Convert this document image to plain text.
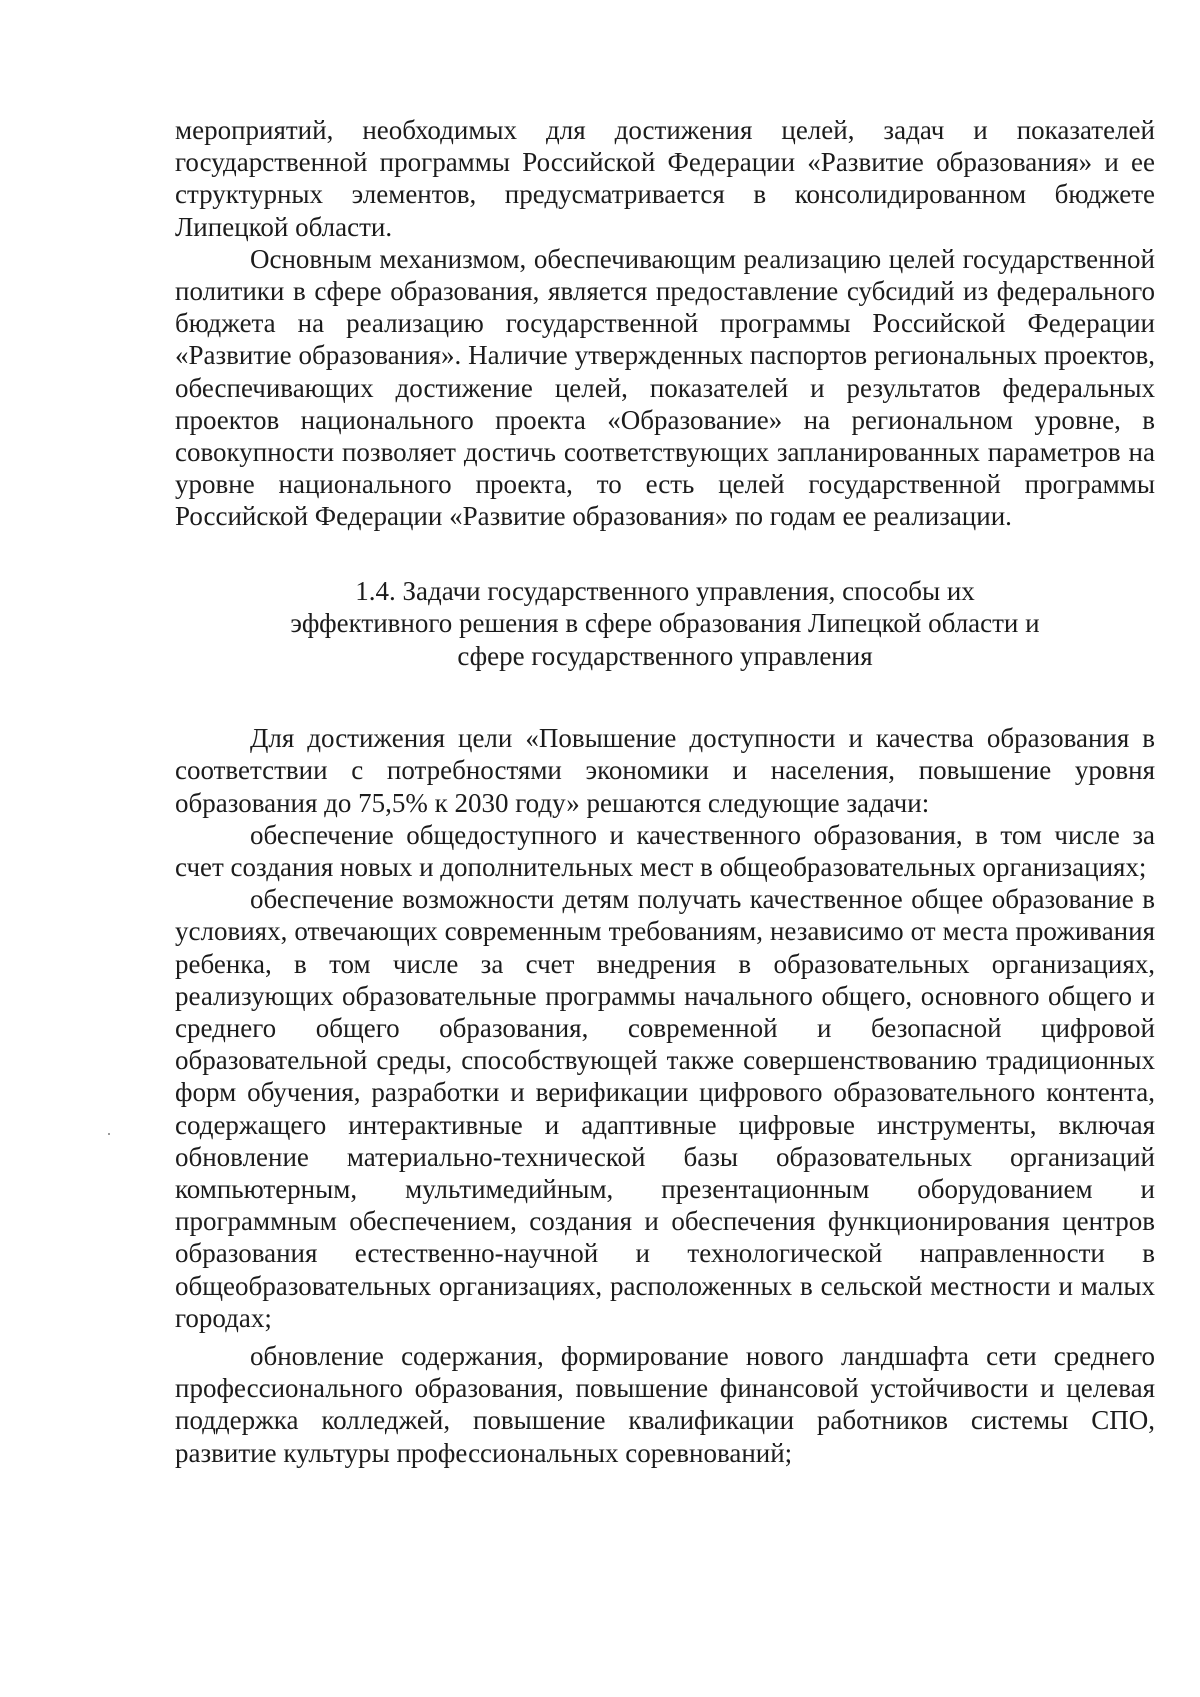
мероприятий, необходимых для достижения целей, задач и показателей государственной программы Российской Федерации «Развитие образования» и ее структурных элементов, предусматривается в консолидированном бюджете Липецкой области.

Основным механизмом, обеспечивающим реализацию целей государственной политики в сфере образования, является предоставление субсидий из федерального бюджета на реализацию государственной программы Российской Федерации «Развитие образования». Наличие утвержденных паспортов региональных проектов, обеспечивающих достижение целей, показателей и результатов федеральных проектов национального проекта «Образование» на региональном уровне, в совокупности позволяет достичь соответствующих запланированных параметров на уровне национального проекта, то есть целей государственной программы Российской Федерации «Развитие образования» по годам ее реализации.

1.4. Задачи государственного управления, способы их
эффективного решения в сфере образования Липецкой области и
сфере государственного управления

Для достижения цели «Повышение доступности и качества образования в соответствии с потребностями экономики и населения, повышение уровня образования до 75,5% к 2030 году» решаются следующие задачи:

обеспечение общедоступного и качественного образования, в том числе за счет создания новых и дополнительных мест в общеобразовательных организациях;

обеспечение возможности детям получать качественное общее образование в условиях, отвечающих современным требованиям, независимо от места проживания ребенка, в том числе за счет внедрения в образовательных организациях, реализующих образовательные программы начального общего, основного общего и среднего общего образования, современной и безопасной цифровой образовательной среды, способствующей также совершенствованию традиционных форм обучения, разработки и верификации цифрового образовательного контента, содержащего интерактивные и адаптивные цифровые инструменты, включая обновление материально-технической базы образовательных организаций компьютерным, мультимедийным, презентационным оборудованием и программным обеспечением, создания и обеспечения функционирования центров образования естественно-научной и технологической направленности в общеобразовательных организациях, расположенных в сельской местности и малых городах;

обновление содержания, формирование нового ландшафта сети среднего профессионального образования, повышение финансовой устойчивости и целевая поддержка колледжей, повышение квалификации работников системы СПО, развитие культуры профессиональных соревнований;
